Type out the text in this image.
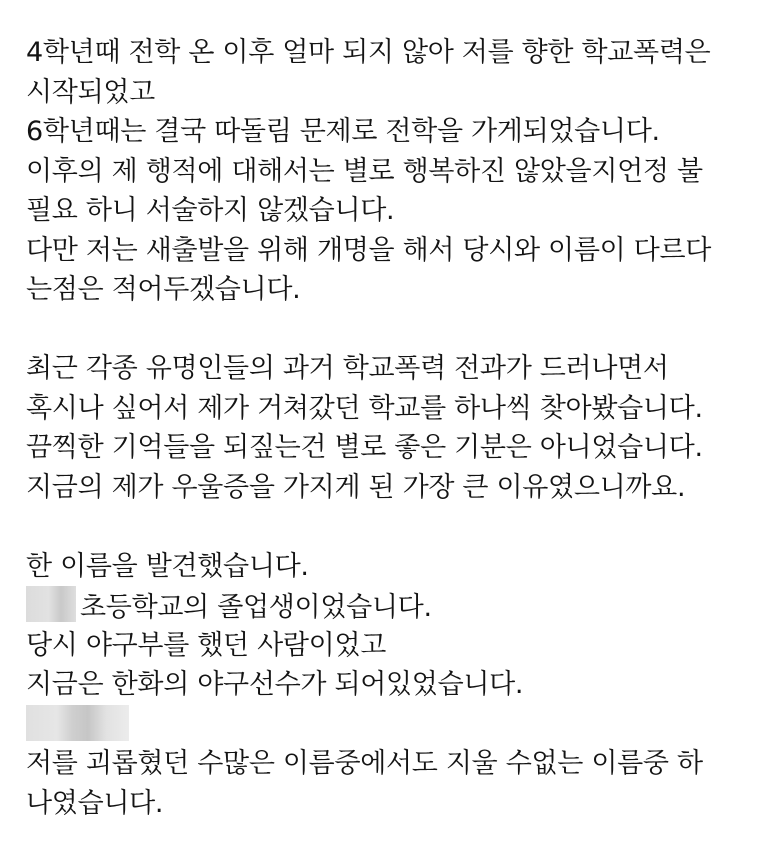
4학년때 전학 온 이후 얼마 되지 않아 저를 향한 학교폭력은
시작되었고
6학년때는 결국 따돌림 문제로 전학을 가게되었습니다.
이후의 제 행적에 대해서는 별로 행복하진 않았을지언정 불
필요 하니 서술하지 않겠습니다.
다만 저는 새출발을 위해 개명을 해서 당시와 이름이 다르다
는점은 적어두겠습니다.
최근 각종 유명인들의 과거 학교폭력 전과가 드러나면서
혹시나 싶어서 제가 거쳐갔던 학교를 하나씩 찾아봤습니다.
끔찍한 기억들을 되짚는건 별로 좋은 기분은 아니었습니다.
지금의 제가 우울증을 가지게 된 가장 큰 이유였으니까요.
한 이름을 발견했습니다.
초등학교의 졸업생이었습니다.
당시 야구부를 했던 사람이었고
지금은 한화의 야구선수가 되어있었습니다.
저를 괴롭혔던 수많은 이름중에서도 지울 수없는 이름중 하
나였습니다.
